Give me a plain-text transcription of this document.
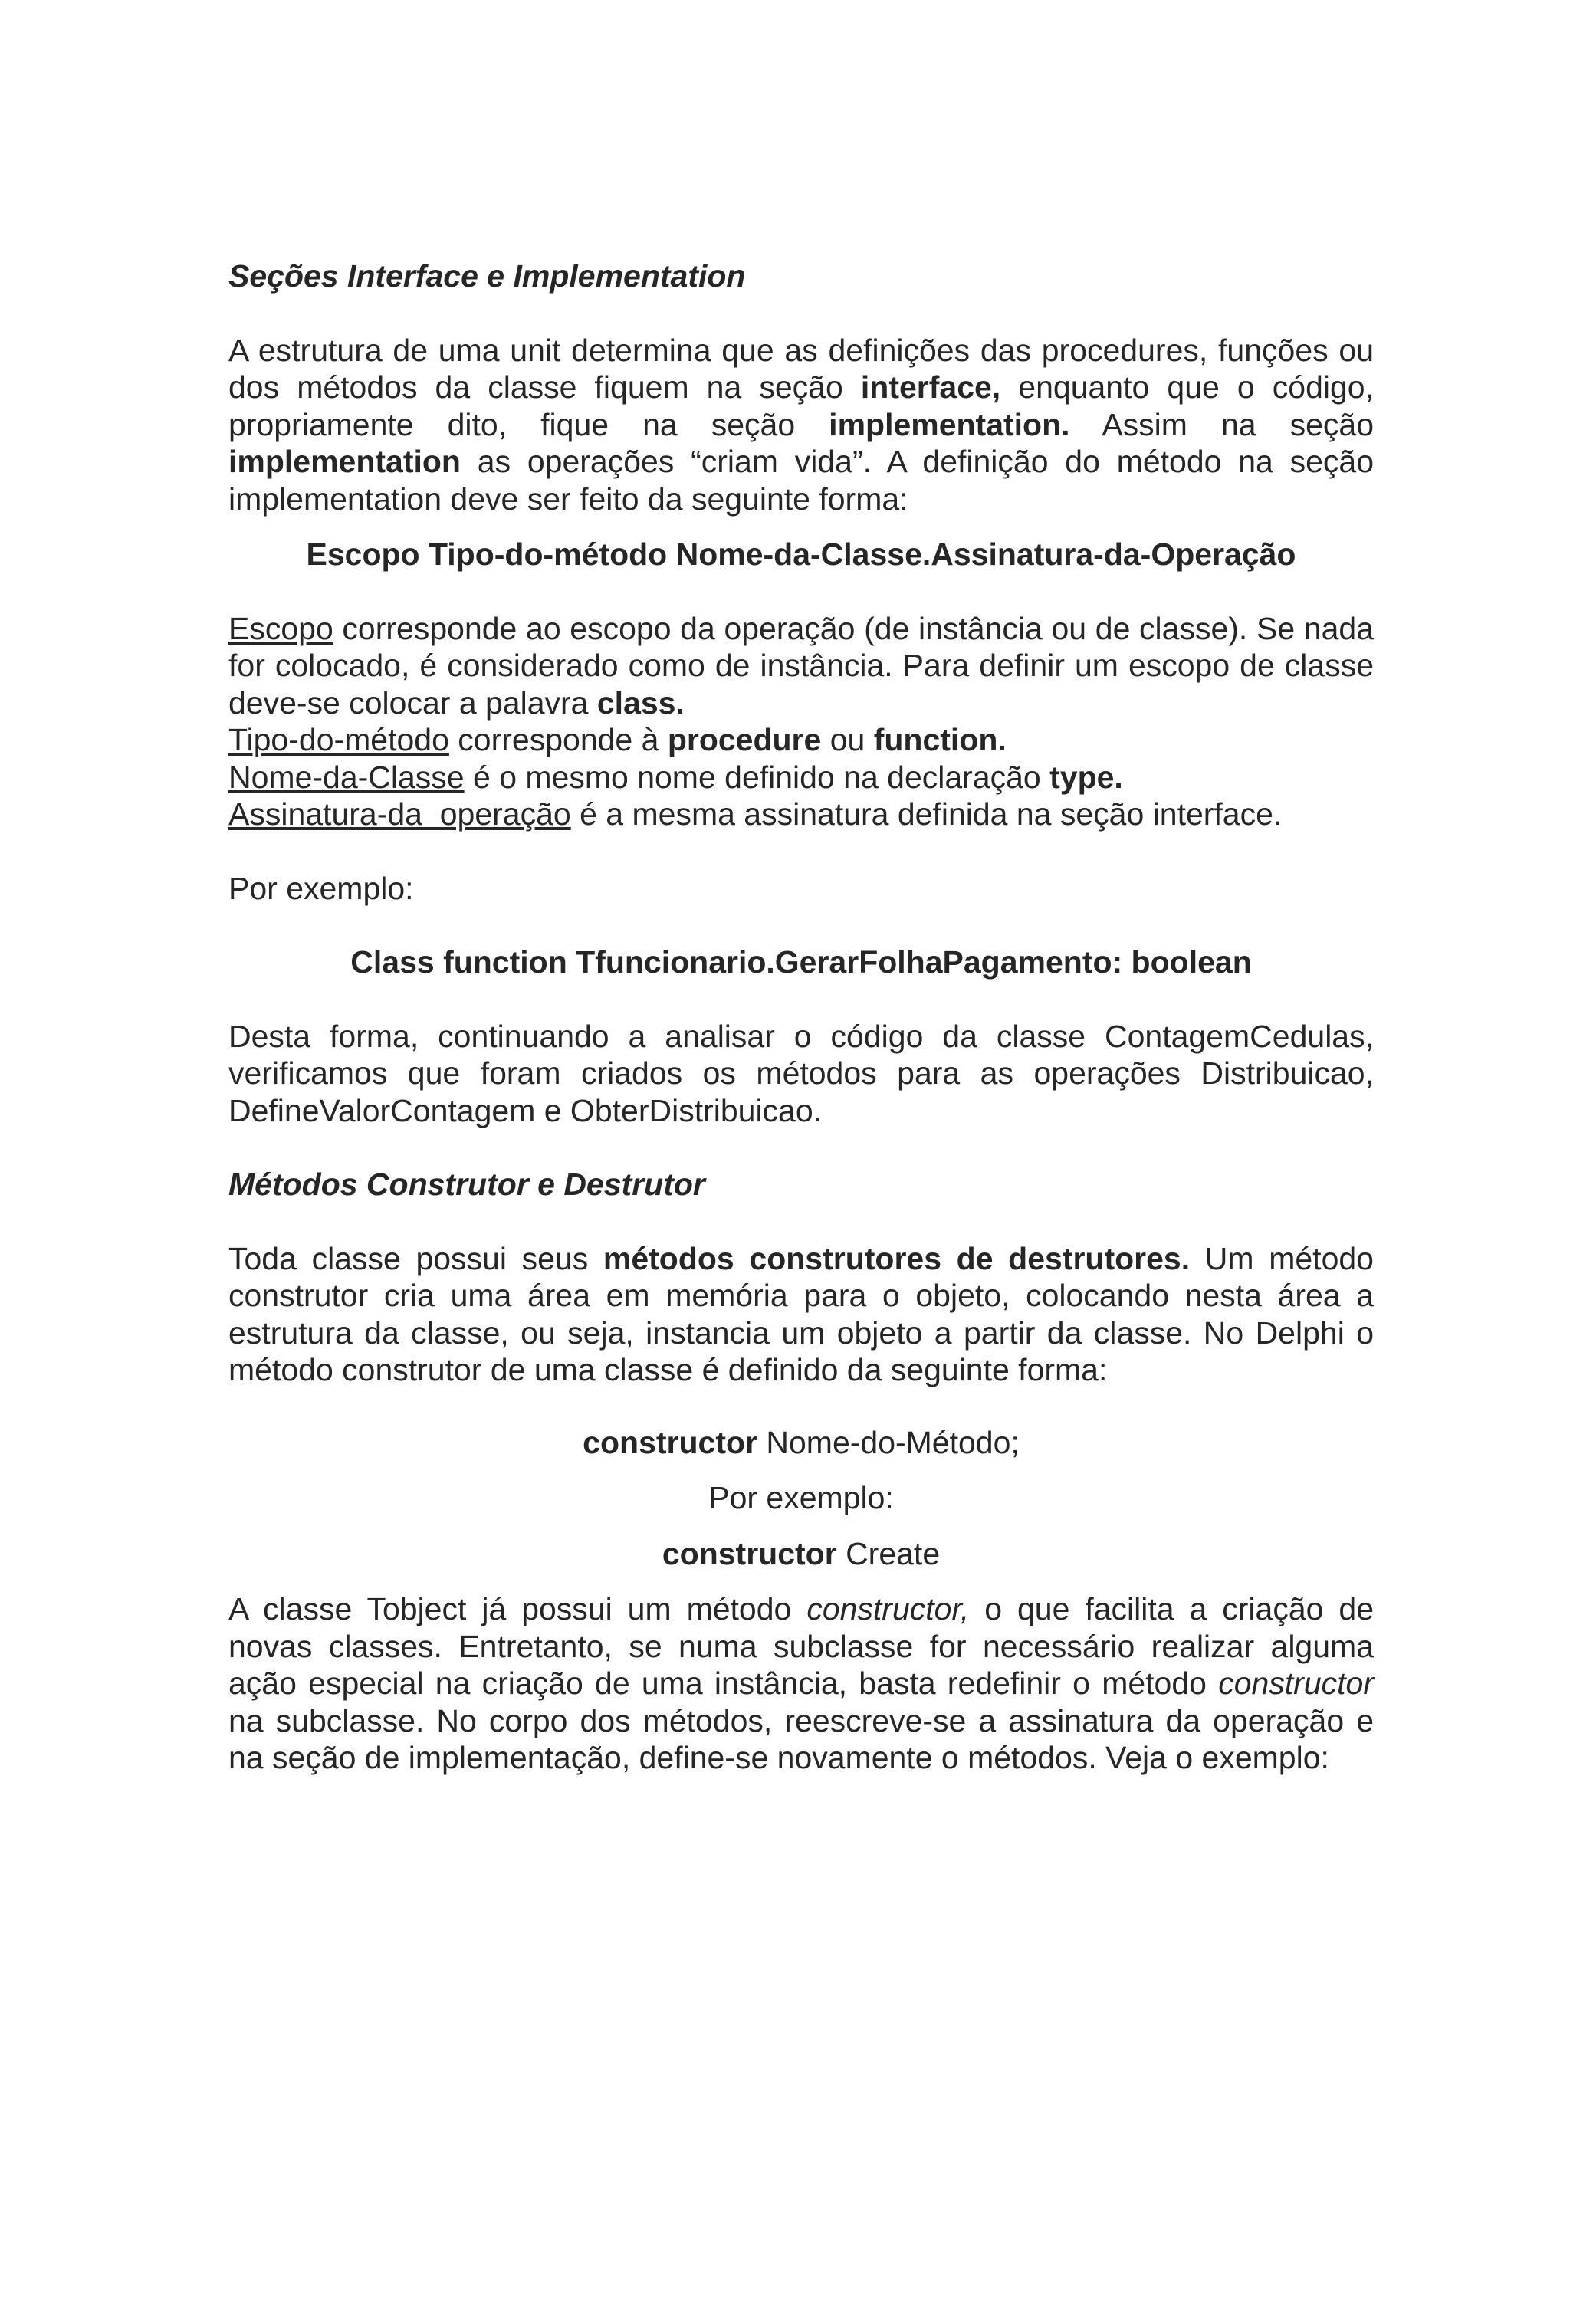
Seções Interface e Implementation

A estrutura de uma unit determina que as definições das procedures, funções ou dos métodos da classe fiquem na seção interface, enquanto que o código, propriamente dito, fique na seção implementation. Assim na seção implementation as operações “criam vida”. A definição do método na seção implementation deve ser feito da seguinte forma:

Escopo Tipo-do-método Nome-da-Classe.Assinatura-da-Operação

Escopo corresponde ao escopo da operação (de instância ou de classe). Se nada for colocado, é considerado como de instância. Para definir um escopo de classe deve-se colocar a palavra class.

Tipo-do-método corresponde à procedure ou function.

Nome-da-Classe é o mesmo nome definido na declaração type.

Assinatura-da  operação é a mesma assinatura definida na seção interface.

Por exemplo:

Class function Tfuncionario.GerarFolhaPagamento: boolean

Desta forma, continuando a analisar o código da classe ContagemCedulas, verificamos que foram criados os métodos para as operações Distribuicao, DefineValorContagem e ObterDistribuicao.

Métodos Construtor e Destrutor

Toda classe possui seus métodos construtores de destrutores. Um método construtor cria uma área em memória para o objeto, colocando nesta área a estrutura da classe, ou seja, instancia um objeto a partir da classe. No Delphi o método construtor de uma classe é definido da seguinte forma:

constructor Nome-do-Método;

Por exemplo:

constructor Create

A classe Tobject já possui um método constructor, o que facilita a criação de novas classes. Entretanto, se numa subclasse for necessário realizar alguma ação especial na criação de uma instância, basta redefinir o método constructor na subclasse. No corpo dos métodos, reescreve-se a assinatura da operação e na seção de implementação, define-se novamente o métodos. Veja o exemplo:
